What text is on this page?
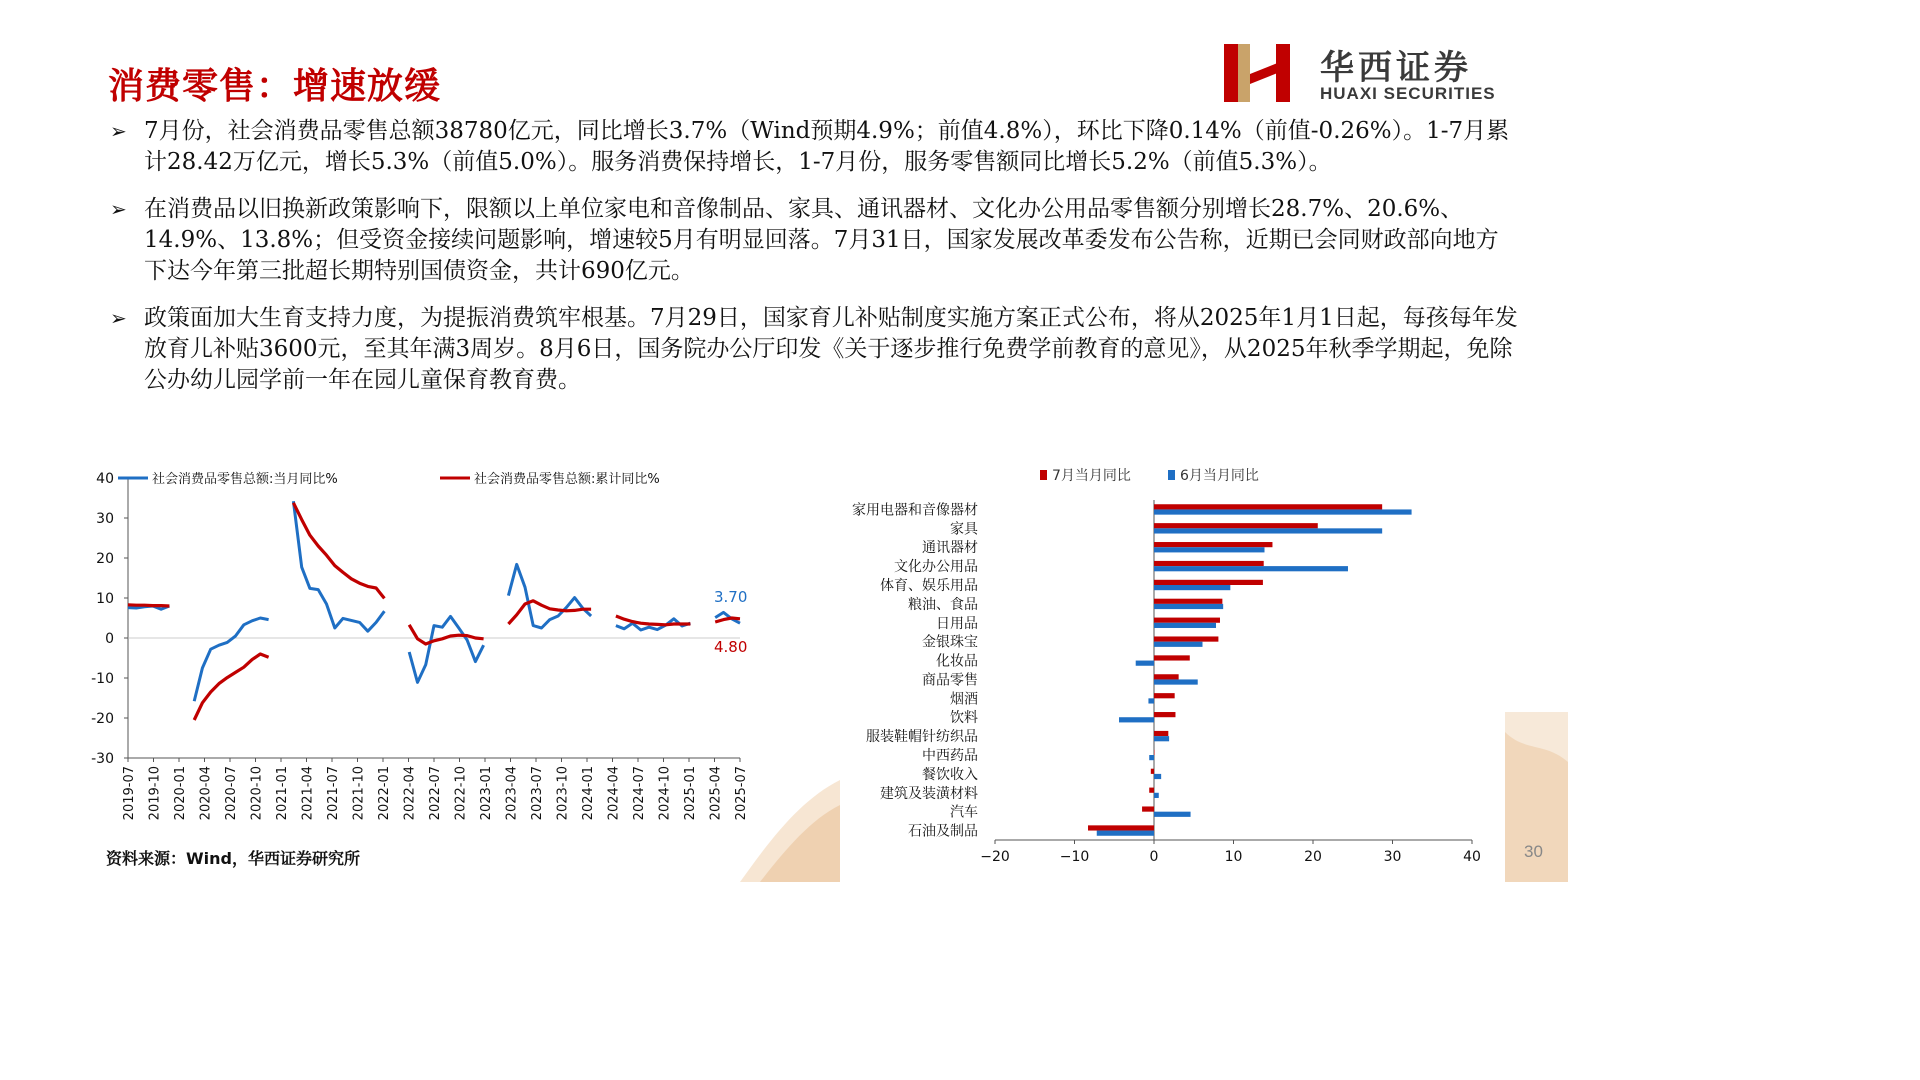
消费零售：增速放缓	华西证券
HUAXI SECURITIES
➢ 7月份，社会消费品零售总额38780亿元，同比增长3.7%（Wind预期4.9%；前值4.8%），环比下降0.14%（前值-0.26%）。1-7月累计28.42万亿元，增长5.3%（前值5.0%）。服务消费保持增长，1-7月份，服务零售额同比增长5.2%（前值5.3%）。
➢ 在消费品以旧换新政策影响下，限额以上单位家电和音像制品、家具、通讯器材、文化办公用品零售额分别增长28.7%、20.6%、14.9%、13.8%；但受资金接续问题影响，增速较5月有明显回落。7月31日，国家发展改革委发布公告称，近期已会同财政部向地方下达今年第三批超长期特别国债资金，共计690亿元。
➢ 政策面加大生育支持力度，为提振消费筑牢根基。7月29日，国家育儿补贴制度实施方案正式公布，将从2025年1月1日起，每孩每年发放育儿补贴3600元，至其年满3周岁。8月6日，国务院办公厅印发《关于逐步推行免费学前教育的意见》，从2025年秋季学期起，免除公办幼儿园学前一年在园儿童保育教育费。
-30
-20
-10
0
10
20
30
40
2019-07 2019-10 2020-01 2020-04 2020-07 2020-10 2021-01 2021-04 2021-07 2021-10 2022-01 2022-04 2022-07 2022-10 2023-01 2023-04 2023-07 2023-10 2024-01 2024-04 2024-07 2024-10 2025-01 2025-04 2025-07
3.70
4.80
社会消费品零售总额:当月同比%	社会消费品零售总额:累计同比%	7月当月同比	6月当月同比
−20	−10	0	10	20	30	40
家用电器和音像器材
家具
通讯器材
文化办公用品
体育、娱乐用品
粮油、食品
日用品
金银珠宝
化妆品
商品零售
烟酒
饮料
服装鞋帽针纺织品
中西药品
餐饮收入
建筑及装潢材料
汽车
石油及制品
资料来源：Wind，华西证券研究所	30
